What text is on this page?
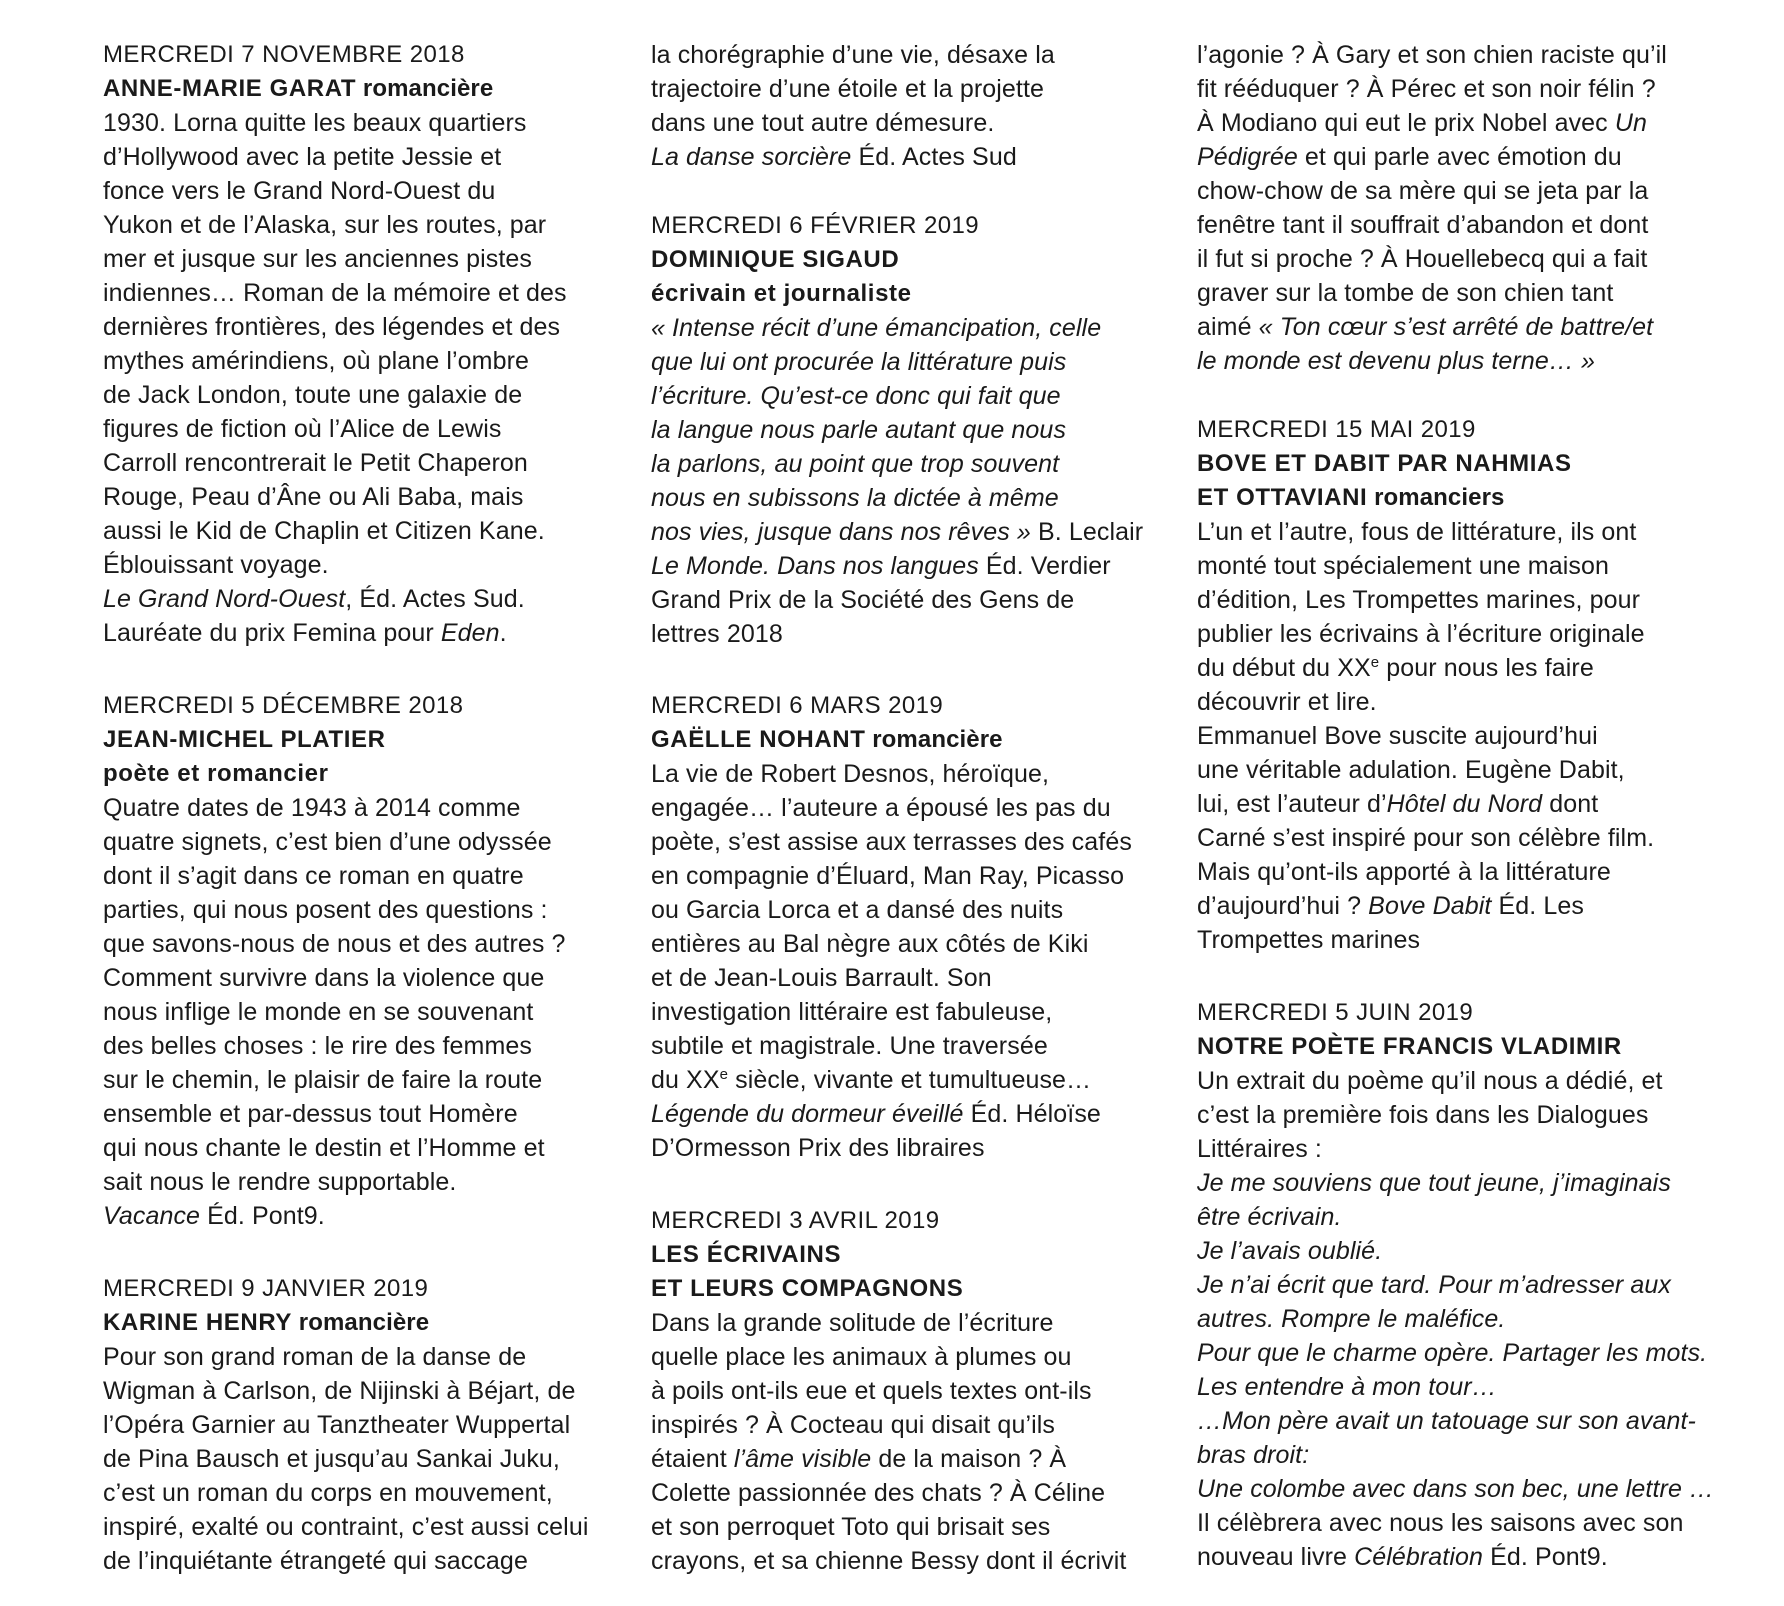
MERCREDI 7 NOVEMBRE 2018
ANNE-MARIE GARAT romancière
1930. Lorna quitte les beaux quartiers
d’Hollywood avec la petite Jessie et
fonce vers le Grand Nord-Ouest du
Yukon et de l’Alaska, sur les routes, par
mer et jusque sur les anciennes pistes
indiennes… Roman de la mémoire et des
dernières frontières, des légendes et des
mythes amérindiens, où plane l’ombre
de Jack London, toute une galaxie de
figures de fiction où l’Alice de Lewis
Carroll rencontrerait le Petit Chaperon
Rouge, Peau d’Âne ou Ali Baba, mais
aussi le Kid de Chaplin et Citizen Kane.
Éblouissant voyage.
Le Grand Nord-Ouest, Éd. Actes Sud.
Lauréate du prix Femina pour Eden.
MERCREDI 5 DÉCEMBRE 2018
JEAN-MICHEL PLATIER
poète et romancier
Quatre dates de 1943 à 2014 comme
quatre signets, c’est bien d’une odyssée
dont il s’agit dans ce roman en quatre
parties, qui nous posent des questions :
que savons-nous de nous et des autres ?
Comment survivre dans la violence que
nous inflige le monde en se souvenant
des belles choses : le rire des femmes
sur le chemin, le plaisir de faire la route
ensemble et par-dessus tout Homère
qui nous chante le destin et l’Homme et
sait nous le rendre supportable.
Vacance Éd. Pont9.
MERCREDI 9 JANVIER 2019
KARINE HENRY romancière
Pour son grand roman de la danse de
Wigman à Carlson, de Nijinski à Béjart, de
l’Opéra Garnier au Tanztheater Wuppertal
de Pina Bausch et jusqu’au Sankai Juku,
c’est un roman du corps en mouvement,
inspiré, exalté ou contraint, c’est aussi celui
de l’inquiétante étrangeté qui saccage
la chorégraphie d’une vie, désaxe la
trajectoire d’une étoile et la projette
dans une tout autre démesure.
La danse sorcière Éd. Actes Sud
MERCREDI 6 FÉVRIER 2019
DOMINIQUE SIGAUD
écrivain et journaliste
« Intense récit d’une émancipation, celle
que lui ont procurée la littérature puis
l’écriture. Qu’est-ce donc qui fait que
la langue nous parle autant que nous
la parlons, au point que trop souvent
nous en subissons la dictée à même
nos vies, jusque dans nos rêves » B. Leclair
Le Monde. Dans nos langues Éd. Verdier
Grand Prix de la Société des Gens de
lettres 2018
MERCREDI 6 MARS 2019
GAËLLE NOHANT romancière
La vie de Robert Desnos, héroïque,
engagée… l’auteure a épousé les pas du
poète, s’est assise aux terrasses des cafés
en compagnie d’Éluard, Man Ray, Picasso
ou Garcia Lorca et a dansé des nuits
entières au Bal nègre aux côtés de Kiki
et de Jean-Louis Barrault. Son
investigation littéraire est fabuleuse,
subtile et magistrale. Une traversée
du XXe siècle, vivante et tumultueuse…
Légende du dormeur éveillé Éd. Héloïse
D’Ormesson Prix des libraires
MERCREDI 3 AVRIL 2019
LES ÉCRIVAINS
ET LEURS COMPAGNONS
Dans la grande solitude de l’écriture
quelle place les animaux à plumes ou
à poils ont-ils eue et quels textes ont-ils
inspirés ? À Cocteau qui disait qu’ils
étaient l’âme visible de la maison ? À
Colette passionnée des chats ? À Céline
et son perroquet Toto qui brisait ses
crayons, et sa chienne Bessy dont il écrivit
l’agonie ? À Gary et son chien raciste qu’il
fit rééduquer ? À Pérec et son noir félin ?
À Modiano qui eut le prix Nobel avec Un
Pédigrée et qui parle avec émotion du
chow-chow de sa mère qui se jeta par la
fenêtre tant il souffrait d’abandon et dont
il fut si proche ? À Houellebecq qui a fait
graver sur la tombe de son chien tant
aimé « Ton cœur s’est arrêté de battre/et
le monde est devenu plus terne… »
MERCREDI 15 MAI 2019
BOVE ET DABIT PAR NAHMIAS
ET OTTAVIANI romanciers
L’un et l’autre, fous de littérature, ils ont
monté tout spécialement une maison
d’édition, Les Trompettes marines, pour
publier les écrivains à l’écriture originale
du début du XXe pour nous les faire
découvrir et lire.
Emmanuel Bove suscite aujourd’hui
une véritable adulation. Eugène Dabit,
lui, est l’auteur d’Hôtel du Nord dont
Carné s’est inspiré pour son célèbre film.
Mais qu’ont-ils apporté à la littérature
d’aujourd’hui ? Bove Dabit Éd. Les
Trompettes marines
MERCREDI 5 JUIN 2019
NOTRE POÈTE FRANCIS VLADIMIR
Un extrait du poème qu’il nous a dédié, et
c’est la première fois dans les Dialogues
Littéraires :
Je me souviens que tout jeune, j’imaginais
être écrivain.
Je l’avais oublié.
Je n’ai écrit que tard. Pour m’adresser aux
autres. Rompre le maléfice.
Pour que le charme opère. Partager les mots.
Les entendre à mon tour…
…Mon père avait un tatouage sur son avant-
bras droit:
Une colombe avec dans son bec, une lettre …
Il célèbrera avec nous les saisons avec son
nouveau livre Célébration Éd. Pont9.
